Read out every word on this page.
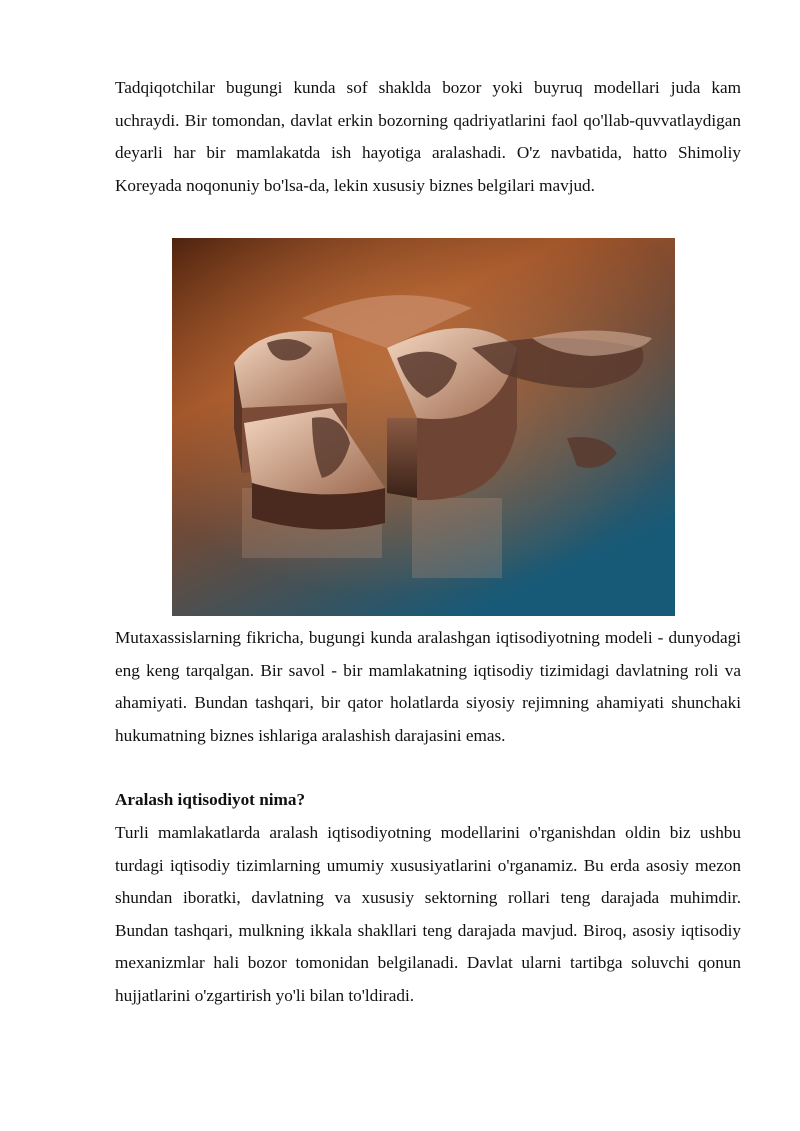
Tadqiqotchilar bugungi kunda sof shaklda bozor yoki buyruq modellari juda kam uchraydi. Bir tomondan, davlat erkin bozorning qadriyatlarini faol qo'llab-quvvatlaydigan deyarli har bir mamlakatda ish hayotiga aralashadi. O'z navbatida, hatto Shimoliy Koreyada noqonuniy bo'lsa-da, lekin xususiy biznes belgilari mavjud.

Mutaxassislarning fikricha, bugungi kunda aralashgan iqtisodiyotning modeli - dunyodagi eng keng tarqalgan. Bir savol - bir mamlakatning iqtisodiy tizimidagi davlatning roli va ahamiyati. Bundan tashqari, bir qator holatlarda siyosiy rejimning ahamiyati shunchaki hukumatning biznes ishlariga aralashish darajasini emas.

Aralash iqtisodiyot nima?

Turli mamlakatlarda aralash iqtisodiyotning modellarini o'rganishdan oldin biz ushbu turdagi iqtisodiy tizimlarning umumiy xususiyatlarini o'rganamiz. Bu erda asosiy mezon shundan iboratki, davlatning va xususiy sektorning rollari teng darajada muhimdir. Bundan tashqari, mulkning ikkala shakllari teng darajada mavjud. Biroq, asosiy iqtisodiy mexanizmlar hali bozor tomonidan belgilanadi. Davlat ularni tartibga soluvchi qonun hujjatlarini o'zgartirish yo'li bilan to'ldiradi.
